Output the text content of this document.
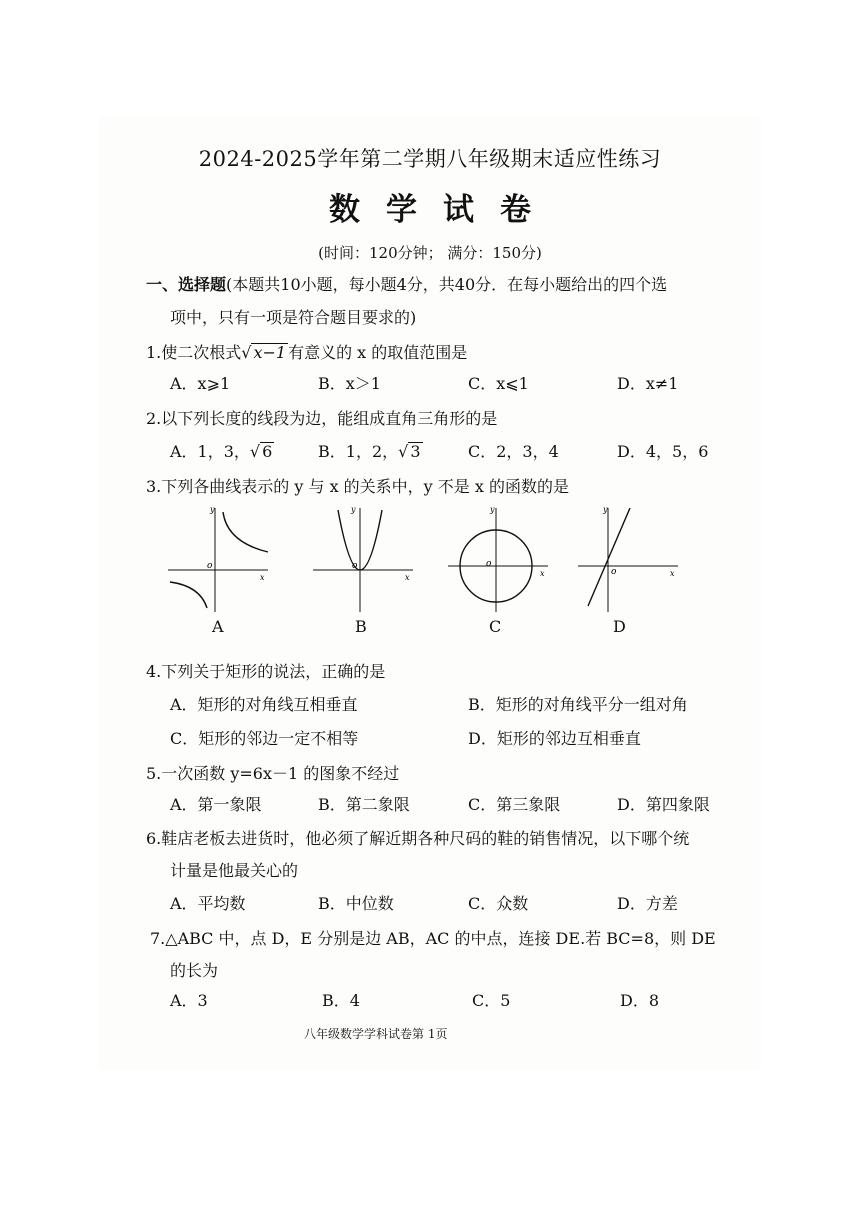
2024-2025学年第二学期八年级期末适应性练习
数学试卷
(时间：120分钟； 满分：150分)
一、选择题(本题共10小题，每小题4分，共40分．在每小题给出的四个选
项中，只有一项是符合题目要求的)
1.使二次根式√ x−1 有意义的 x 的取值范围是
A．x⩾1	B．x＞1	C．x⩽1	D．x≠1
2.以下列长度的线段为边，能组成直角三角形的是
A．1，3，√ 6	B．1，2，√ 3	C．2，3，4	D．4，5，6
3.下列各曲线表示的 y 与 x 的关系中，y 不是 x 的函数的是
y
x
o
y
x
o
y
x
o
y
x
o
A	B	C	D
4.下列关于矩形的说法，正确的是
A．矩形的对角线互相垂直	B．矩形的对角线平分一组对角
C．矩形的邻边一定不相等	D．矩形的邻边互相垂直
5.一次函数 y=6x－1 的图象不经过
A．第一象限	B．第二象限	C．第三象限	D．第四象限
6.鞋店老板去进货时，他必须了解近期各种尺码的鞋的销售情况，以下哪个统
计量是他最关心的
A．平均数	B．中位数	C．众数	D．方差
7.△ABC 中，点 D，E 分别是边 AB，AC 的中点，连接 DE.若 BC=8，则 DE
的长为
A．3	B．4	C．5	D．8
八年级数学学科试卷第 1页
